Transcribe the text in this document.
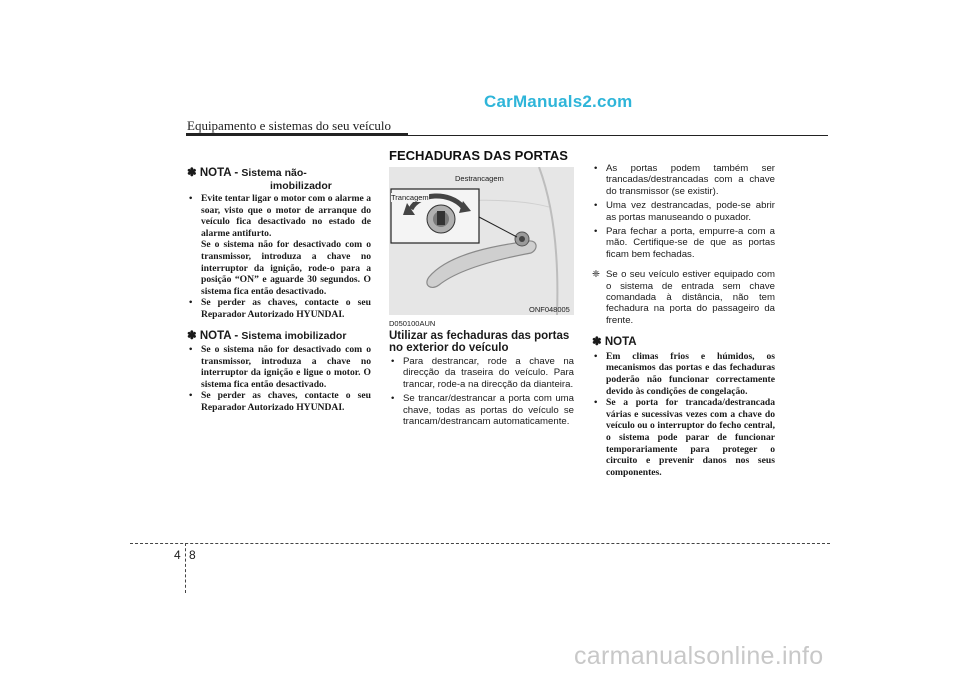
CarManuals2.com
Equipamento e sistemas do seu veículo
FECHADURAS DAS PORTAS
✽ NOTA - Sistema não-
imobilizador

• Evite tentar ligar o motor com o alarme a soar, visto que o motor de arranque do veículo fica desactivado no estado de alarme antifurto.

Se o sistema não for desactivado com o transmissor, introduza a chave no interruptor da ignição, rode-o para a posição “ON” e aguarde 30 segundos. O sistema fica então desactivado.

• Se perder as chaves, contacte o seu Reparador Autorizado HYUNDAI.

✽ NOTA - Sistema imobilizador

• Se o sistema não for desactivado com o transmissor, introduza a chave no interruptor da ignição e ligue o motor. O sistema fica então desactivado.

• Se perder as chaves, contacte o seu Reparador Autorizado HYUNDAI.

Destrancagem
Trancagem
ONF048005
D050100AUN
Utilizar as fechaduras das portas no exterior do veículo

• Para destrancar, rode a chave na direcção da traseira do veículo. Para trancar, rode-a na direcção da dianteira.

• Se trancar/destrancar a porta com uma chave, todas as portas do veículo se trancam/destrancam automaticamente.

• As portas podem também ser trancadas/destrancadas com a chave do transmissor (se existir).

• Uma vez destrancadas, pode-se abrir as portas manuseando o puxador.

• Para fechar a porta, empurre-a com a mão. Certifique-se de que as portas ficam bem fechadas.

❈ Se o seu veículo estiver equipado com o sistema de entrada sem chave comandada à distância, não tem fechadura na porta do passageiro da frente.

✽ NOTA

• Em climas frios e húmidos, os mecanismos das portas e das fechaduras poderão não funcionar correctamente devido às condições de congelação.

• Se a porta for trancada/destrancada várias e sucessivas vezes com a chave do veículo ou o interruptor do fecho central, o sistema pode parar de funcionar temporariamente para proteger o circuito e prevenir danos nos seus componentes.

4 8
carmanualsonline.info
